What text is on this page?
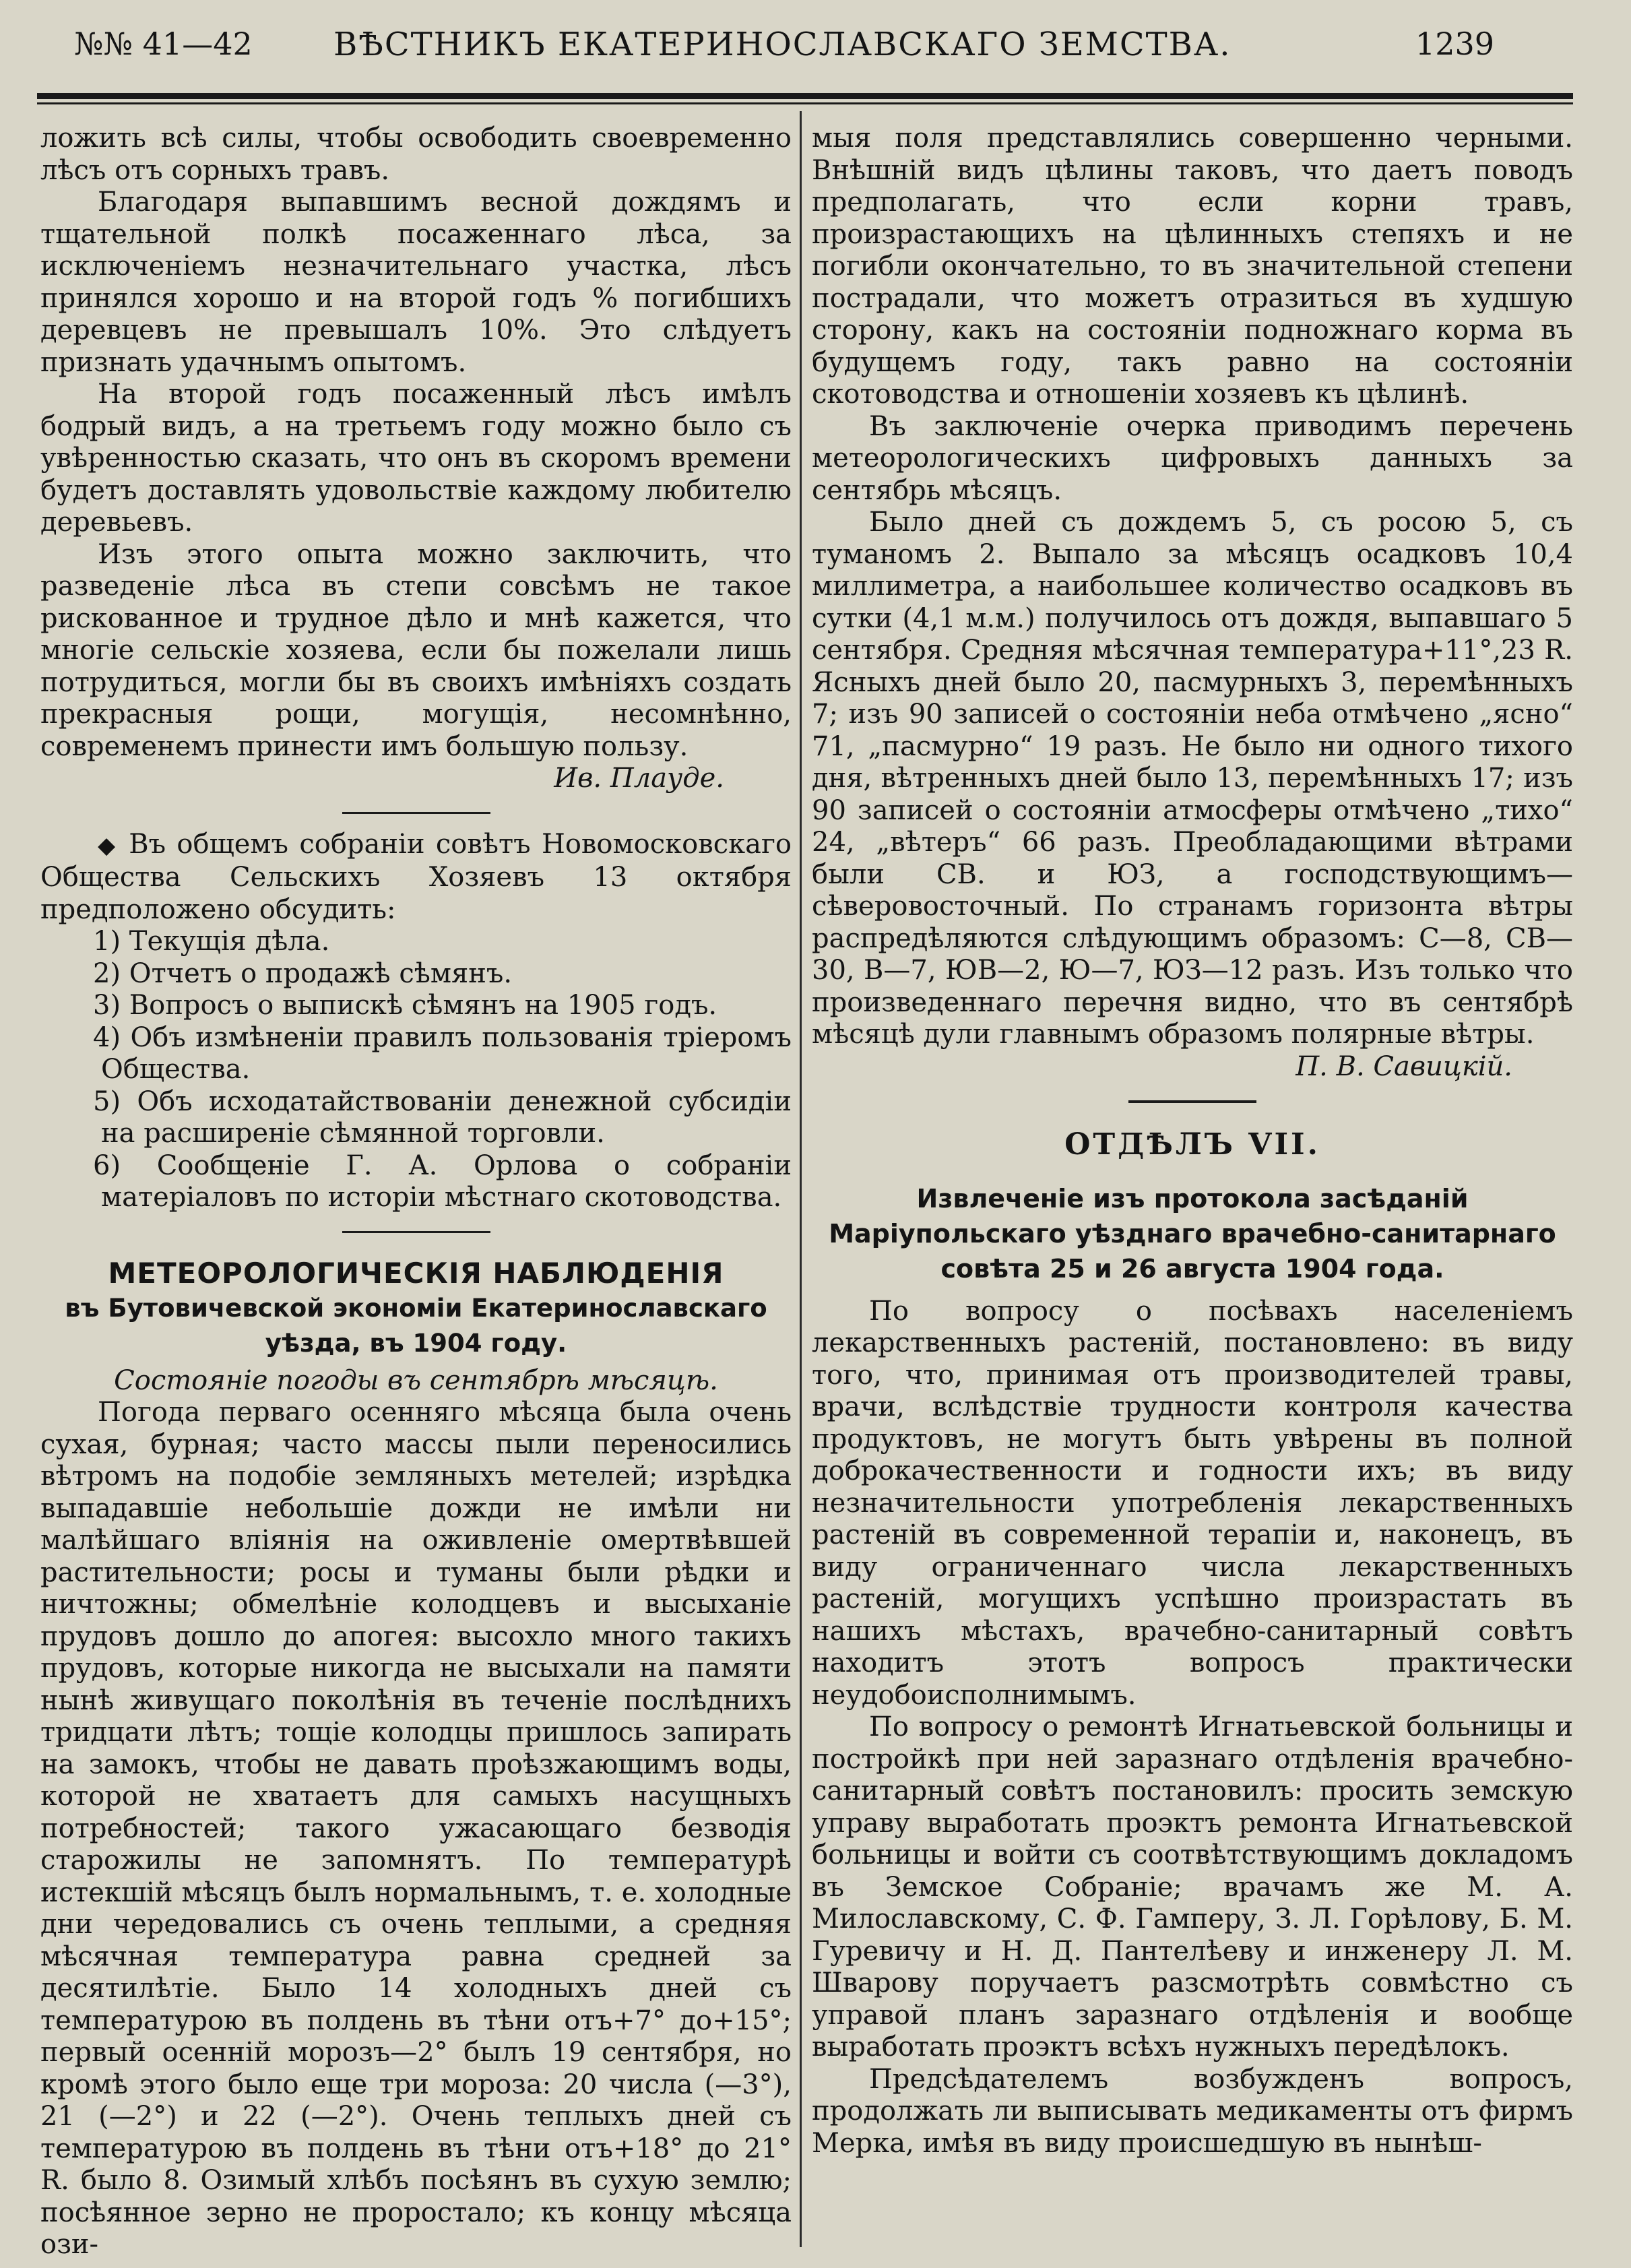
№№ 41—42	ВѢСТНИКЪ ЕКАТЕРИНОСЛАВСКАГО ЗЕМСТВА.	1239

ложить всѣ силы, чтобы освободить своевременно лѣсъ отъ сорныхъ травъ.

Благодаря выпавшимъ весной дождямъ и тщательной полкѣ посаженнаго лѣса, за исключеніемъ незначительнаго участка, лѣсъ принялся хорошо и на второй годъ % погибшихъ деревцевъ не превышалъ 10%. Это слѣдуетъ признать удачнымъ опытомъ.

На второй годъ посаженный лѣсъ имѣлъ бодрый видъ, а на третьемъ году можно было съ увѣренностью сказать, что онъ въ скоромъ времени будетъ доставлять удовольствіе каждому любителю деревьевъ.

Изъ этого опыта можно заключить, что разведеніе лѣса въ степи совсѣмъ не такое рискованное и трудное дѣло и мнѣ кажется, что многіе сельскіе хозяева, если бы пожелали лишь потрудиться, могли бы въ своихъ имѣніяхъ создать прекрасныя рощи, могущія, несомнѣнно, современемъ принести имъ большую пользу.

Ив. Плауде.

◆ Въ общемъ собраніи совѣтъ Новомосковскаго Общества Сельскихъ Хозяевъ 13 октября предположено обсудить:

1) Текущія дѣла.

2) Отчетъ о продажѣ сѣмянъ.

3) Вопросъ о выпискѣ сѣмянъ на 1905 годъ.

4) Объ измѣненіи правилъ пользованія тріеромъ Общества.

5) Объ исходатайствованіи денежной субсидіи на расширеніе сѣмянной торговли.

6) Сообщеніе Г. А. Орлова о собраніи матеріаловъ по исторіи мѣстнаго скотоводства.

МЕТЕОРОЛОГИЧЕСКІЯ НАБЛЮДЕНІЯ

въ Бутовичевской экономіи Екатеринославскаго уѣзда, въ 1904 году.

Состояніе погоды въ сентябрѣ мѣсяцѣ.

Погода перваго осенняго мѣсяца была очень сухая, бурная; часто массы пыли переносились вѣтромъ на подобіе земляныхъ метелей; изрѣдка выпадавшіе небольшіе дожди не имѣли ни малѣйшаго вліянія на оживленіе омертвѣвшей растительности; росы и туманы были рѣдки и ничтожны; обмелѣніе колодцевъ и высыханіе прудовъ дошло до апогея: высохло много такихъ прудовъ, которые никогда не высыхали на памяти нынѣ живущаго поколѣнія въ теченіе послѣднихъ тридцати лѣтъ; тощіе колодцы пришлось запирать на замокъ, чтобы не давать проѣзжающимъ воды, которой не хватаетъ для самыхъ насущныхъ потребностей; такого ужасающаго безводія старожилы не запомнятъ. По температурѣ истекшій мѣсяцъ былъ нормальнымъ, т. е. холодные дни чередовались съ очень теплыми, а средняя мѣсячная температура равна средней за десятилѣтіе. Было 14 холодныхъ дней съ температурою въ полдень въ тѣни отъ+7° до+15°; первый осенній морозъ—2° былъ 19 сентября, но кромѣ этого было еще три мороза: 20 числа (—3°), 21 (—2°) и 22 (—2°). Очень теплыхъ дней съ температурою въ полдень въ тѣни отъ+18° до 21° R. было 8. Озимый хлѣбъ посѣянъ въ сухую землю; посѣянное зерно не проростало; къ концу мѣсяца ози-

мыя поля представлялись совершенно черными. Внѣшній видъ цѣлины таковъ, что даетъ поводъ предполагать, что если корни травъ, произрастающихъ на цѣлинныхъ степяхъ и не погибли окончательно, то въ значительной степени пострадали, что можетъ отразиться въ худшую сторону, какъ на состояніи подножнаго корма въ будущемъ году, такъ равно на состояніи скотоводства и отношеніи хозяевъ къ цѣлинѣ.

Въ заключеніе очерка приводимъ перечень метеорологическихъ цифровыхъ данныхъ за сентябрь мѣсяцъ.

Было дней съ дождемъ 5, съ росою 5, съ туманомъ 2. Выпало за мѣсяцъ осадковъ 10,4 миллиметра, а наибольшее количество осадковъ въ сутки (4,1 м.м.) получилось отъ дождя, выпавшаго 5 сентября. Средняя мѣсячная температура+11°,23 R. Ясныхъ дней было 20, пасмурныхъ 3, перемѣнныхъ 7; изъ 90 записей о состояніи неба отмѣчено „ясно“ 71, „пасмурно“ 19 разъ. Не было ни одного тихого дня, вѣтренныхъ дней было 13, перемѣнныхъ 17; изъ 90 записей о состояніи атмосферы отмѣчено „тихо“ 24, „вѣтеръ“ 66 разъ. Преобладающими вѣтрами были СВ. и ЮЗ, а господствующимъ—сѣверовосточный. По странамъ горизонта вѣтры распредѣляются слѣдующимъ образомъ: С—8, СВ—30, В—7, ЮВ—2, Ю—7, ЮЗ—12 разъ. Изъ только что произведеннаго перечня видно, что въ сентябрѣ мѣсяцѣ дули главнымъ образомъ полярные вѣтры.

П. В. Савицкій.

ОТДѢЛЪ VII.

Извлеченіе изъ протокола засѣданій Маріупольскаго уѣзднаго врачебно-санитарнаго совѣта 25 и 26 августа 1904 года.

По вопросу о посѣвахъ населеніемъ лекарственныхъ растеній, постановлено: въ виду того, что, принимая отъ производителей травы, врачи, вслѣдствіе трудности контроля качества продуктовъ, не могутъ быть увѣрены въ полной доброкачественности и годности ихъ; въ виду незначительности употребленія лекарственныхъ растеній въ современной терапіи и, наконецъ, въ виду ограниченнаго числа лекарственныхъ растеній, могущихъ успѣшно произрастать въ нашихъ мѣстахъ, врачебно-санитарный совѣтъ находитъ этотъ вопросъ практически неудобоисполнимымъ.

По вопросу о ремонтѣ Игнатьевской больницы и постройкѣ при ней заразнаго отдѣленія врачебно-санитарный совѣтъ постановилъ: просить земскую управу выработать проэктъ ремонта Игнатьевской больницы и войти съ соотвѣтствующимъ докладомъ въ Земское Собраніе; врачамъ же М. А. Милославскому, С. Ф. Гамперу, З. Л. Горѣлову, Б. М. Гуревичу и Н. Д. Пантелѣеву и инженеру Л. М. Шварову поручаетъ разсмотрѣть совмѣстно съ управой планъ заразнаго отдѣленія и вообще выработать проэктъ всѣхъ нужныхъ передѣлокъ.

Предсѣдателемъ возбужденъ вопросъ, продолжать ли выписывать медикаменты отъ фирмъ Мерка, имѣя въ виду происшедшую въ нынѣш-
